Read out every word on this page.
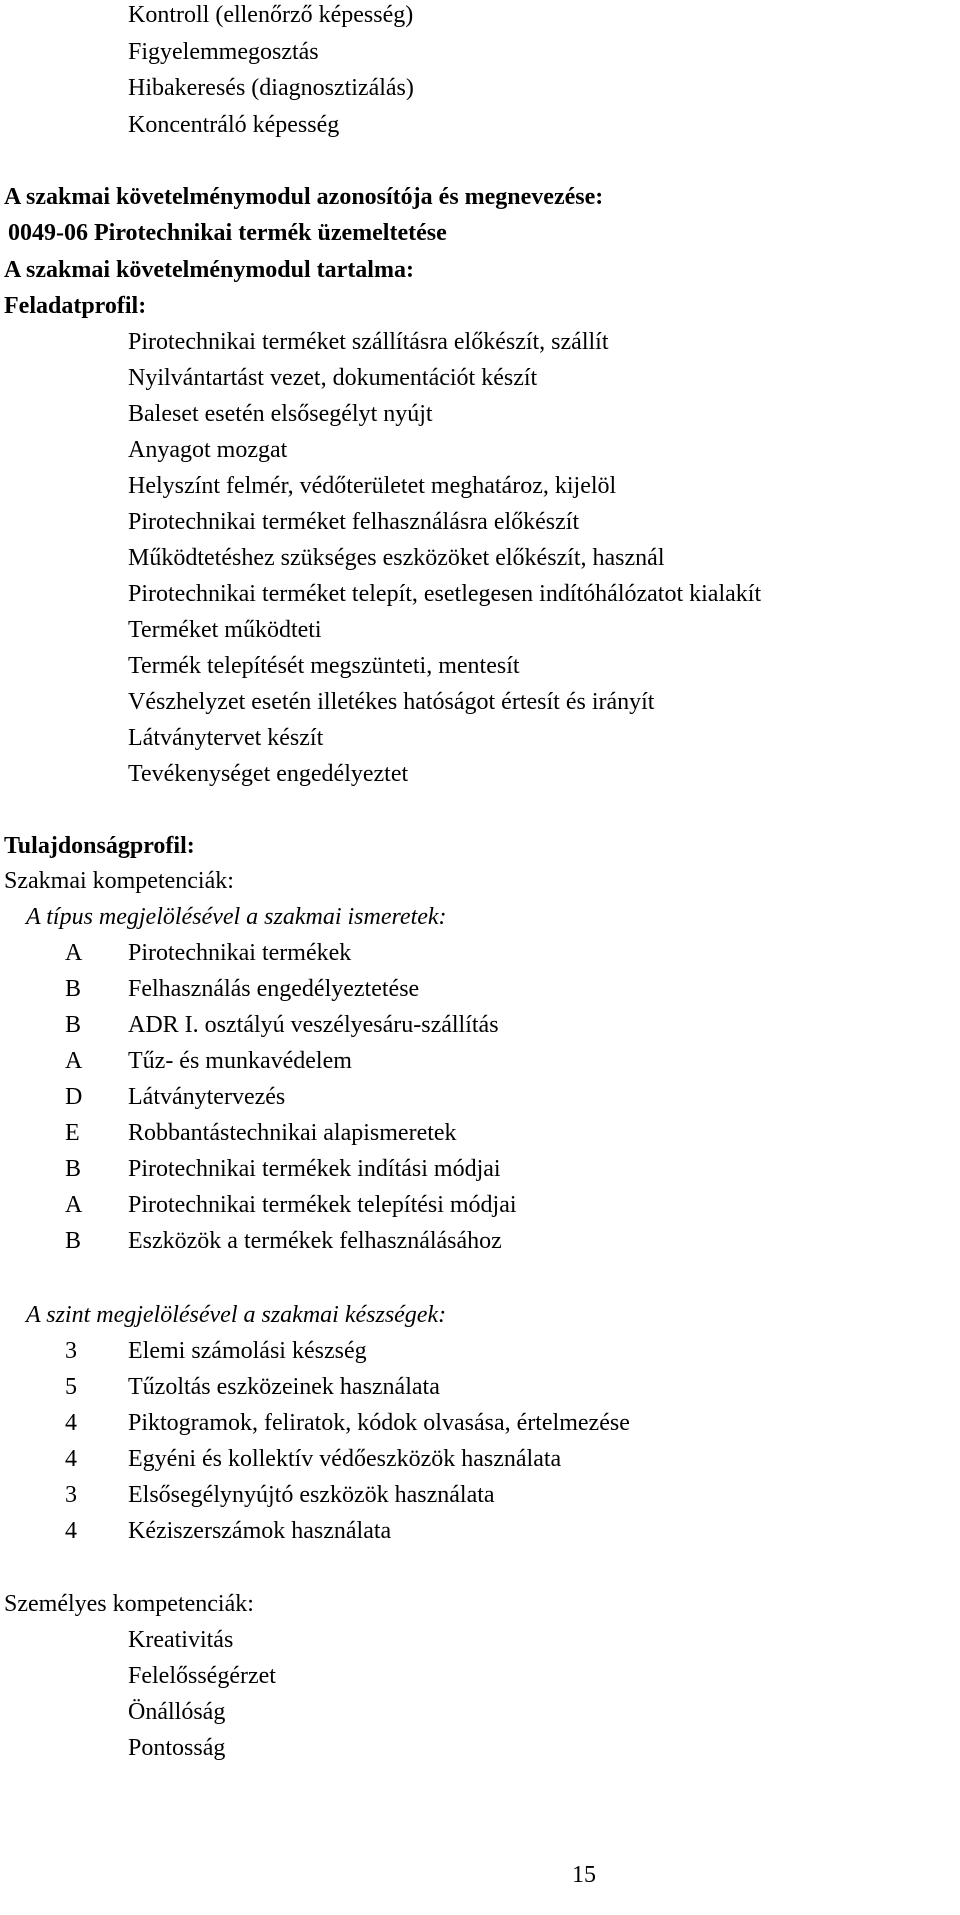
Kontroll (ellenőrző képesség)
Figyelemmegosztás
Hibakeresés (diagnosztizálás)
Koncentráló képesség
A szakmai követelménymodul azonosítója és megnevezése:
0049-06 Pirotechnikai termék üzemeltetése
A szakmai követelménymodul tartalma:
Feladatprofil:
Pirotechnikai terméket szállításra előkészít, szállít
Nyilvántartást vezet, dokumentációt készít
Baleset esetén elsősegélyt nyújt
Anyagot mozgat
Helyszínt felmér, védőterületet meghatároz, kijelöl
Pirotechnikai terméket felhasználásra előkészít
Működtetéshez szükséges eszközöket előkészít, használ
Pirotechnikai terméket telepít, esetlegesen indítóhálózatot kialakít
Terméket működteti
Termék telepítését megszünteti, mentesít
Vészhelyzet esetén illetékes hatóságot értesít és irányít
Látványtervet készít
Tevékenységet engedélyeztet
Tulajdonságprofil:
Szakmai kompetenciák:
A típus megjelölésével a szakmai ismeretek:
A	Pirotechnikai termékek
B	Felhasználás engedélyeztetése
B	ADR I. osztályú veszélyesáru-szállítás
A	Tűz- és munkavédelem
D	Látványtervezés
E	Robbantástechnikai alapismeretek
B	Pirotechnikai termékek indítási módjai
A	Pirotechnikai termékek telepítési módjai
B	Eszközök a termékek felhasználásához
A szint megjelölésével a szakmai készségek:
3	Elemi számolási készség
5	Tűzoltás eszközeinek használata
4	Piktogramok, feliratok, kódok olvasása, értelmezése
4	Egyéni és kollektív védőeszközök használata
3	Elsősegélynyújtó eszközök használata
4	Kéziszerszámok használata
Személyes kompetenciák:
Kreativitás
Felelősségérzet
Önállóság
Pontosság
15
